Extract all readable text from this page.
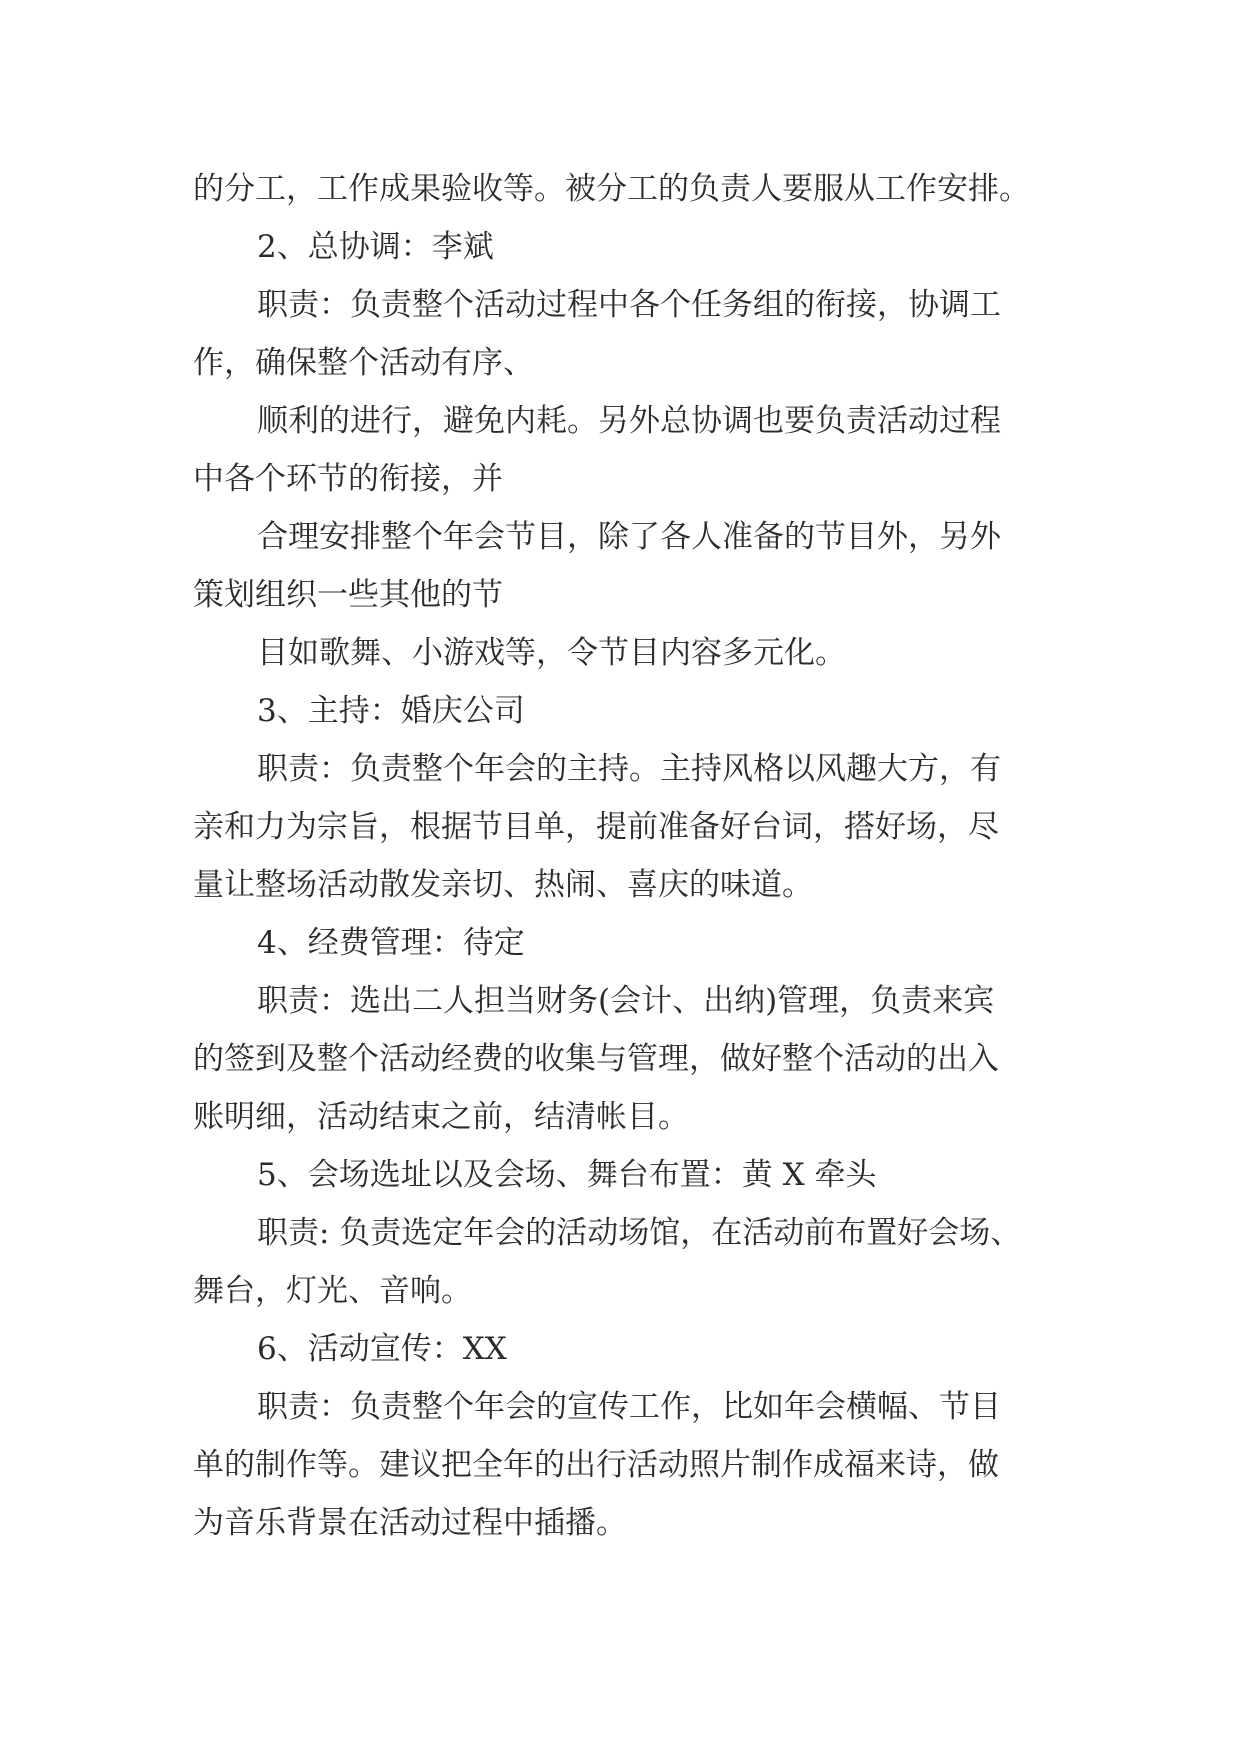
的分工，工作成果验收等。被分工的负责人要服从工作安排。
2、总协调：李斌
职责：负责整个活动过程中各个任务组的衔接，协调工
作，确保整个活动有序、
顺利的进行，避免内耗。另外总协调也要负责活动过程
中各个环节的衔接，并
合理安排整个年会节目，除了各人准备的节目外，另外
策划组织一些其他的节
目如歌舞、小游戏等，令节目内容多元化。
3、主持：婚庆公司
职责：负责整个年会的主持。主持风格以风趣大方，有
亲和力为宗旨，根据节目单，提前准备好台词，搭好场，尽
量让整场活动散发亲切、热闹、喜庆的味道。
4、经费管理：待定
职责：选出二人担当财务(会计、出纳)管理，负责来宾
的签到及整个活动经费的收集与管理，做好整个活动的出入
账明细，活动结束之前，结清帐目。
5、会场选址以及会场、舞台布置：黄 X 牵头
职责: 负责选定年会的活动场馆，在活动前布置好会场、
舞台，灯光、音响。
6、活动宣传：XX
职责：负责整个年会的宣传工作，比如年会横幅、节目
单的制作等。建议把全年的出行活动照片制作成福来诗，做
为音乐背景在活动过程中插播。
